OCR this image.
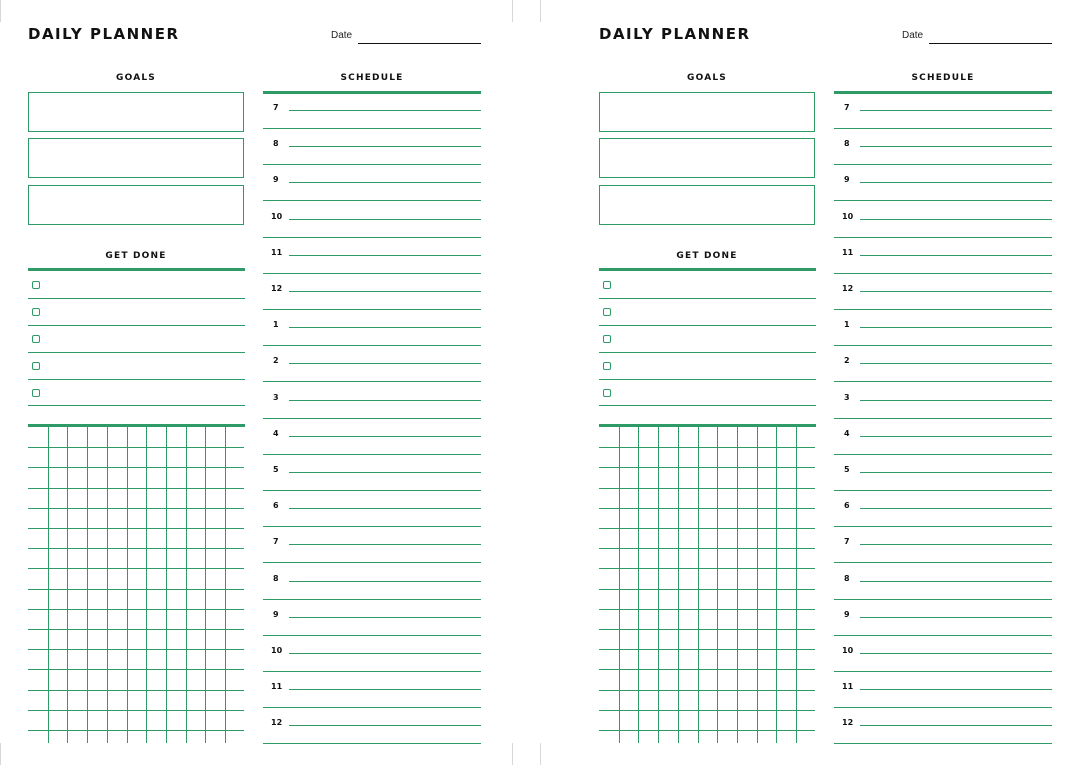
DAILY PLANNER	Date
GOALS	SCHEDULE
GET DONE
7
8
9
10
11
12
1
2
3
4
5
6
7
8
9
10
11
12
DAILY PLANNER	Date
GOALS	SCHEDULE
GET DONE
7
8
9
10
11
12
1
2
3
4
5
6
7
8
9
10
11
12
